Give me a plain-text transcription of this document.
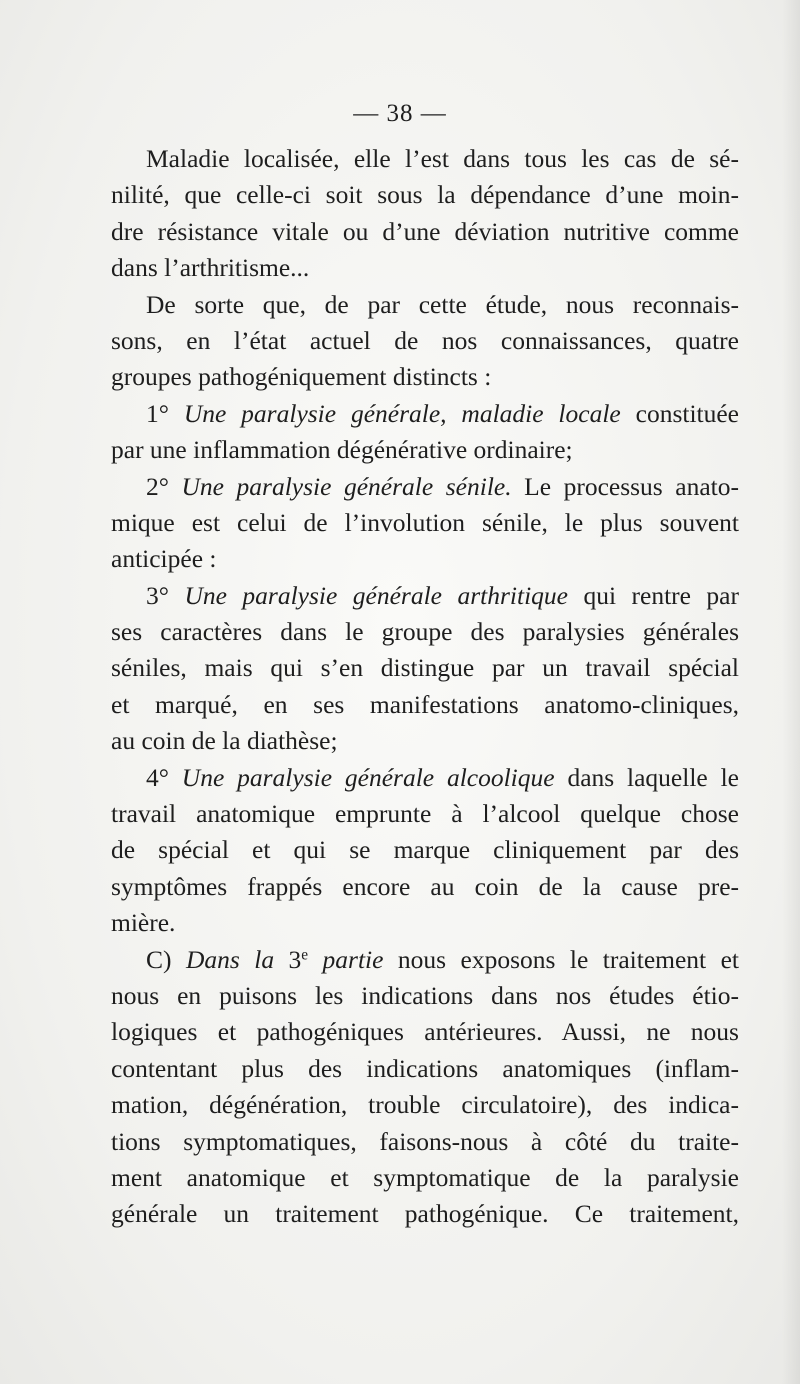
— 38 —
Maladie localisée, elle l’est dans tous les cas de sé-
nilité, que celle-ci soit sous la dépendance d’une moin-
dre résistance vitale ou d’une déviation nutritive comme
dans l’arthritisme...
De sorte que, de par cette étude, nous reconnais-
sons, en l’état actuel de nos connaissances, quatre
groupes pathogéniquement distincts :
1° Une paralysie générale, maladie locale constituée
par une inflammation dégénérative ordinaire;
2° Une paralysie générale sénile. Le processus anato-
mique est celui de l’involution sénile, le plus souvent
anticipée :
3° Une paralysie générale arthritique qui rentre par
ses caractères dans le groupe des paralysies générales
séniles, mais qui s’en distingue par un travail spécial
et marqué, en ses manifestations anatomo-cliniques,
au coin de la diathèse;
4° Une paralysie générale alcoolique dans laquelle le
travail anatomique emprunte à l’alcool quelque chose
de spécial et qui se marque cliniquement par des
symptômes frappés encore au coin de la cause pre-
mière.
C) Dans la 3e partie nous exposons le traitement et
nous en puisons les indications dans nos études étio-
logiques et pathogéniques antérieures. Aussi, ne nous
contentant plus des indications anatomiques (inflam-
mation, dégénération, trouble circulatoire), des indica-
tions symptomatiques, faisons-nous à côté du traite-
ment anatomique et symptomatique de la paralysie
générale un traitement pathogénique. Ce traitement,
